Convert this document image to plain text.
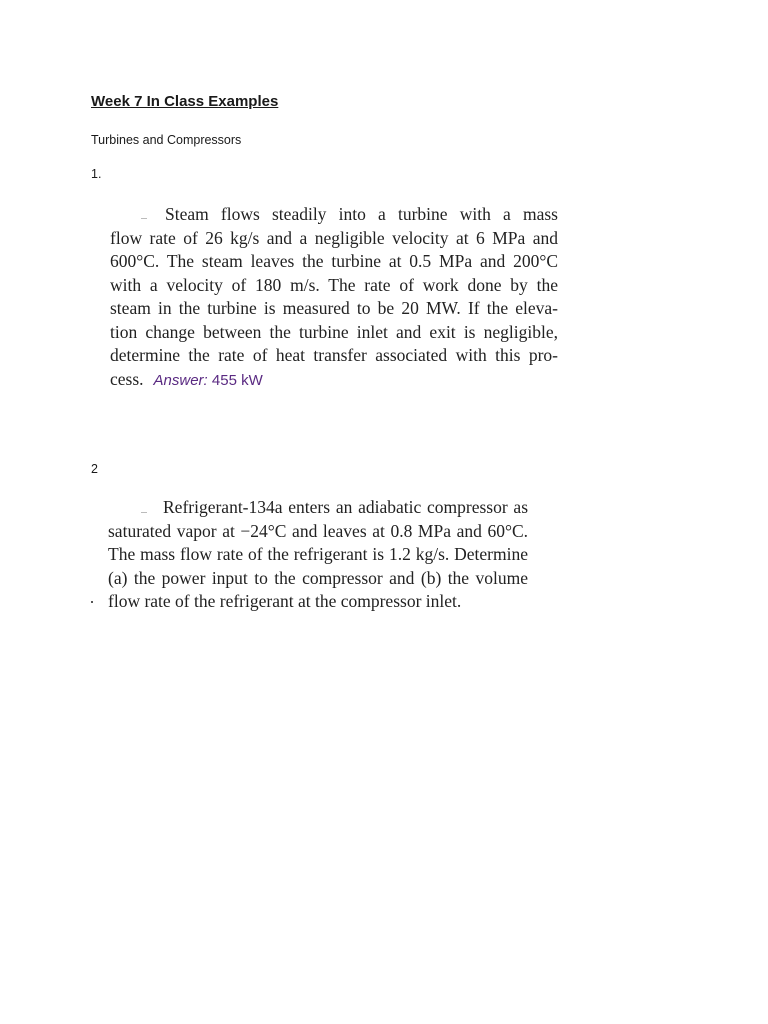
Week 7 In Class Examples
Turbines and Compressors
1.
Steam flows steadily into a turbine with a mass
flow rate of 26 kg/s and a negligible velocity at 6 MPa and
600°C. The steam leaves the turbine at 0.5 MPa and 200°C
with a velocity of 180 m/s. The rate of work done by the
steam in the turbine is measured to be 20 MW. If the eleva-
tion change between the turbine inlet and exit is negligible,
determine the rate of heat transfer associated with this pro-
cess. Answer: 455 kW
2
Refrigerant-134a enters an adiabatic compressor as
saturated vapor at −24°C and leaves at 0.8 MPa and 60°C.
The mass flow rate of the refrigerant is 1.2 kg/s. Determine
(a) the power input to the compressor and (b) the volume
flow rate of the refrigerant at the compressor inlet.
